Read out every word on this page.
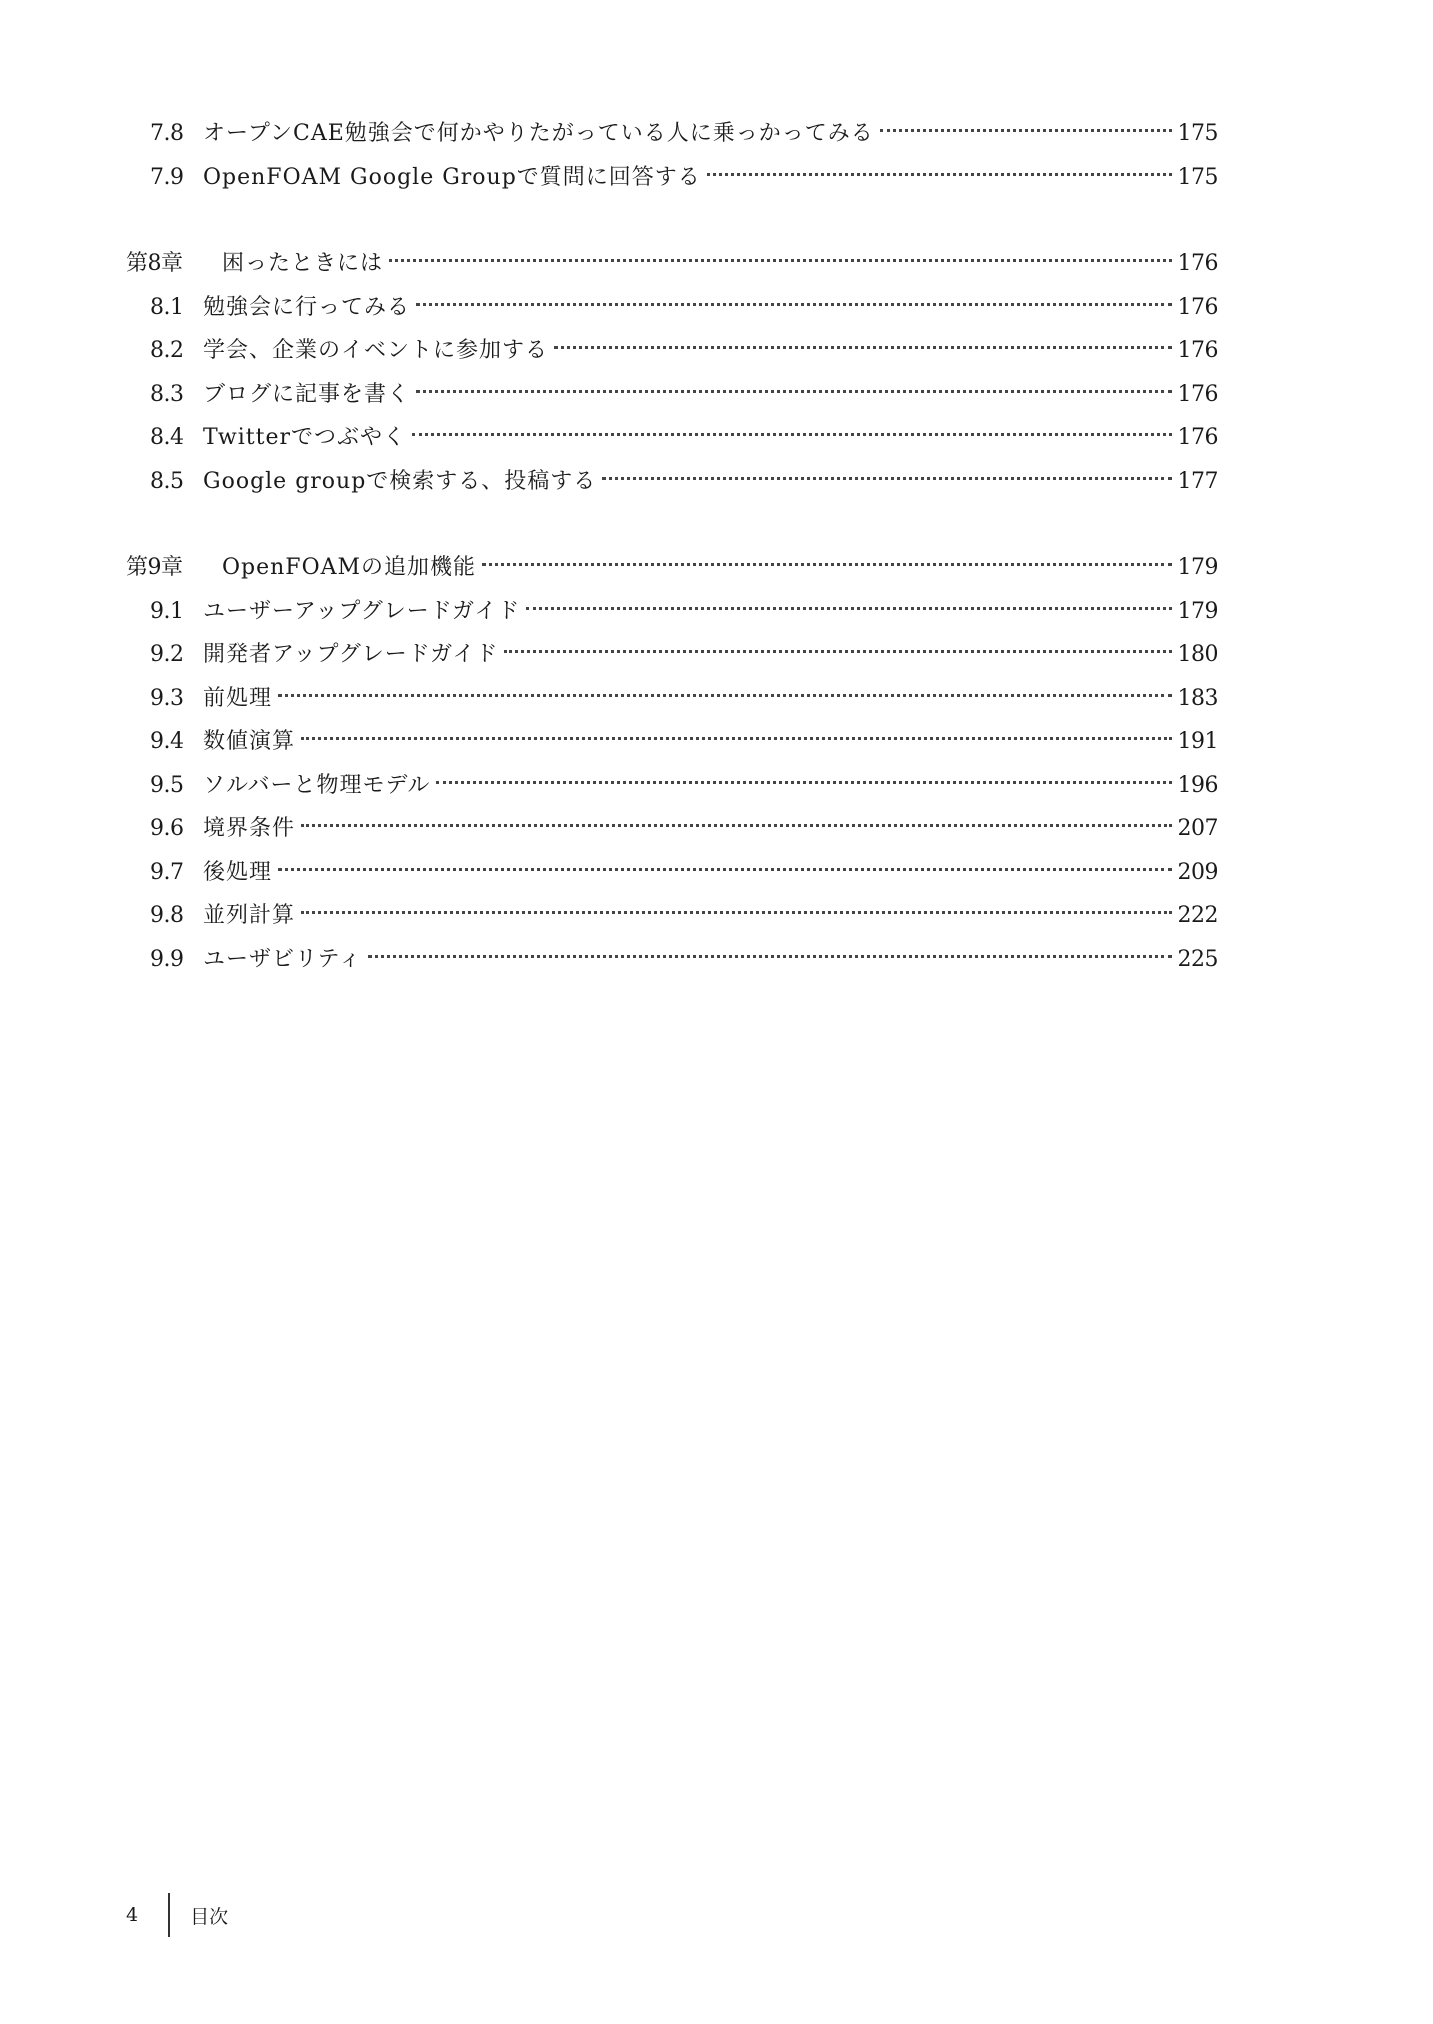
7.8 オープンCAE勉強会で何かやりたがっている人に乗っかってみる	175
7.9 OpenFOAM Google Groupで質問に回答する	175
第8章	困ったときには	176
8.1 勉強会に行ってみる	176
8.2 学会、企業のイベントに参加する	176
8.3 ブログに記事を書く	176
8.4 Twitterでつぶやく	176
8.5 Google groupで検索する、投稿する	177
第9章	OpenFOAMの追加機能	179
9.1 ユーザーアップグレードガイド	179
9.2 開発者アップグレードガイド	180
9.3 前処理	183
9.4 数値演算	191
9.5 ソルバーと物理モデル	196
9.6 境界条件	207
9.7 後処理	209
9.8 並列計算	222
9.9 ユーザビリティ	225
4	目次
